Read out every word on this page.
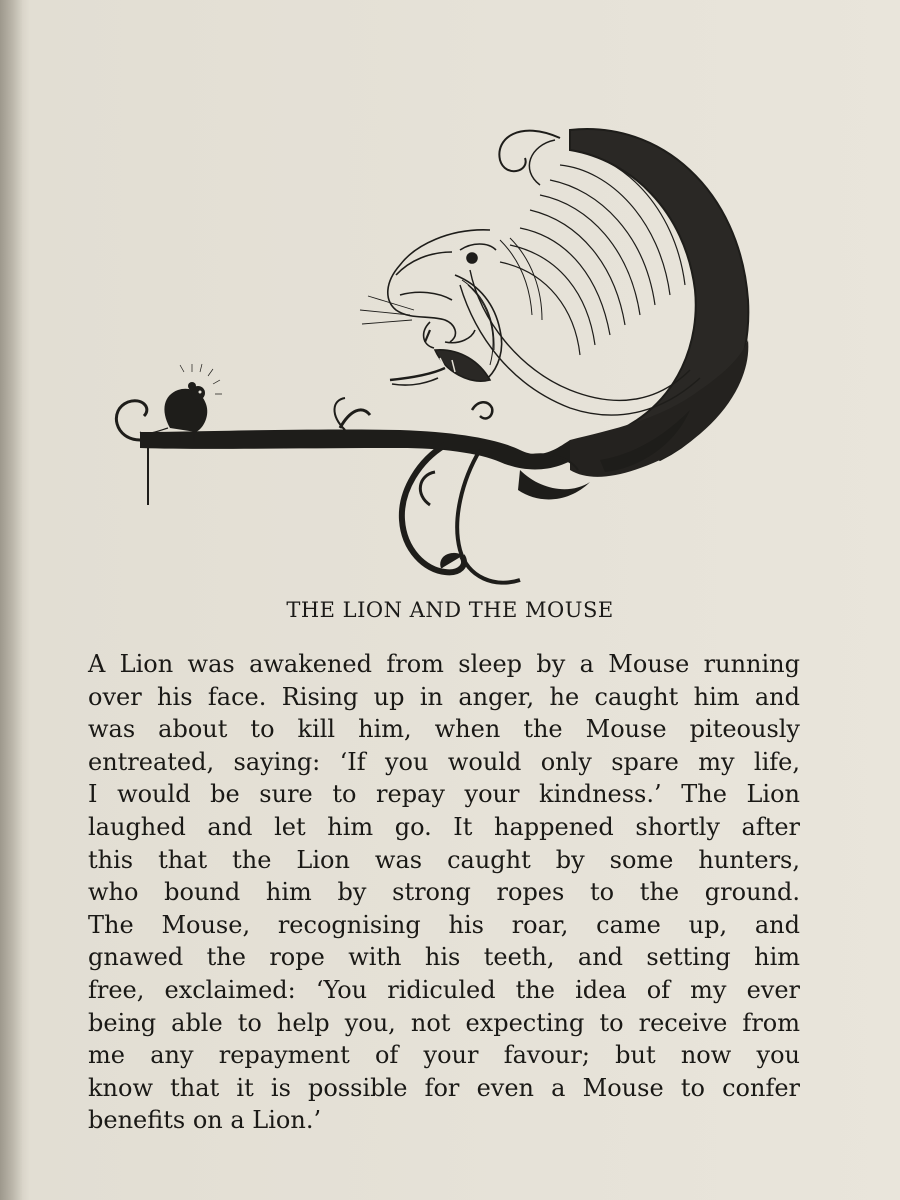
THE LION AND THE MOUSE
A Lion was awakened from sleep by a Mouse running
over his face. Rising up in anger, he caught him and
was about to kill him, when the Mouse piteously
entreated, saying: ‘If you would only spare my life,
I would be sure to repay your kindness.’ The Lion
laughed and let him go. It happened shortly after
this that the Lion was caught by some hunters,
who bound him by strong ropes to the ground.
The Mouse, recognising his roar, came up, and
gnawed the rope with his teeth, and setting him
free, exclaimed: ‘You ridiculed the idea of my ever
being able to help you, not expecting to receive from
me any repayment of your favour; but now you
know that it is possible for even a Mouse to confer
benefits on a Lion.’
